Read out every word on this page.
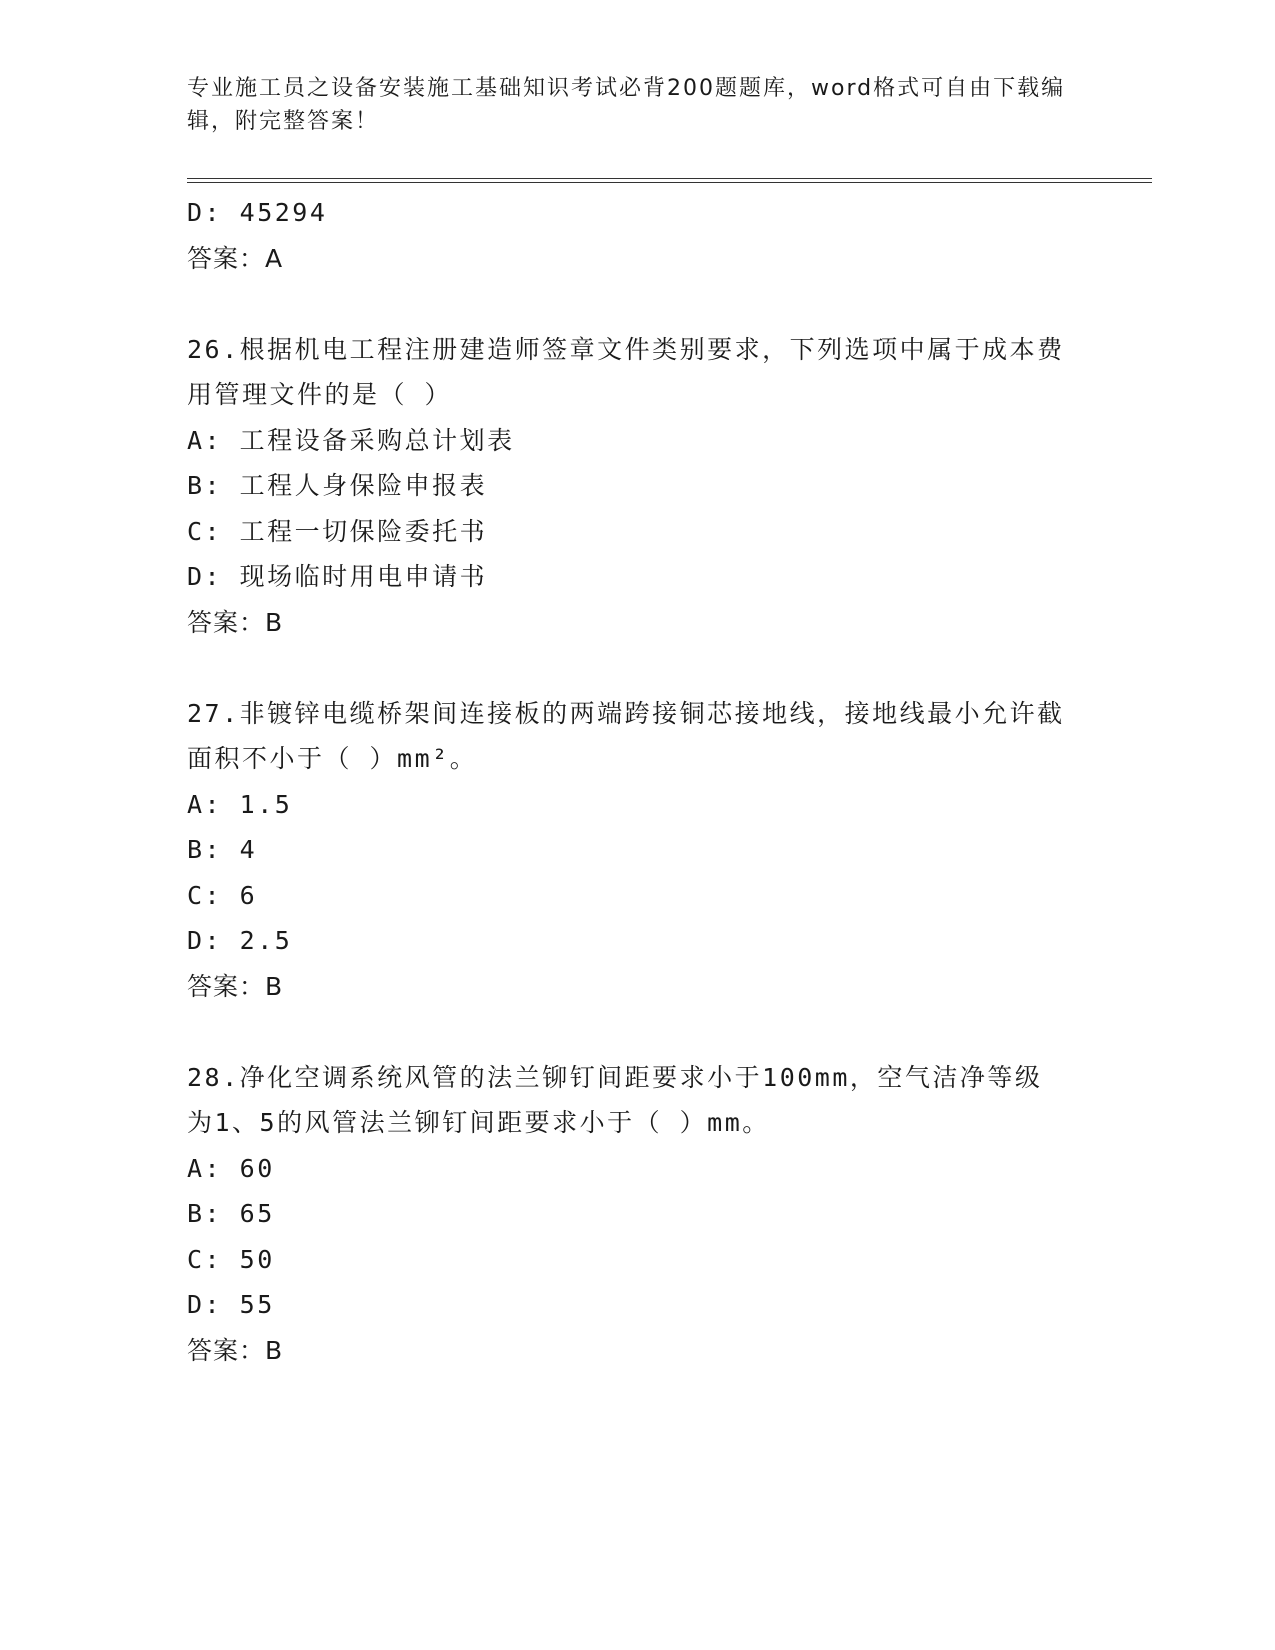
专业施工员之设备安装施工基础知识考试必背200题题库，word格式可自由下载编辑，附完整答案！
D: 45294
答案：A
26.根据机电工程注册建造师签章文件类别要求，下列选项中属于成本费用管理文件的是（ ）
A: 工程设备采购总计划表
B: 工程人身保险申报表
C: 工程一切保险委托书
D: 现场临时用电申请书
答案：B
27.非镀锌电缆桥架间连接板的两端跨接铜芯接地线，接地线最小允许截面积不小于（ ）mm²。
A: 1.5
B: 4
C: 6
D: 2.5
答案：B
28.净化空调系统风管的法兰铆钉间距要求小于100mm，空气洁净等级为1、5的风管法兰铆钉间距要求小于（ ）mm。
A: 60
B: 65
C: 50
D: 55
答案：B
